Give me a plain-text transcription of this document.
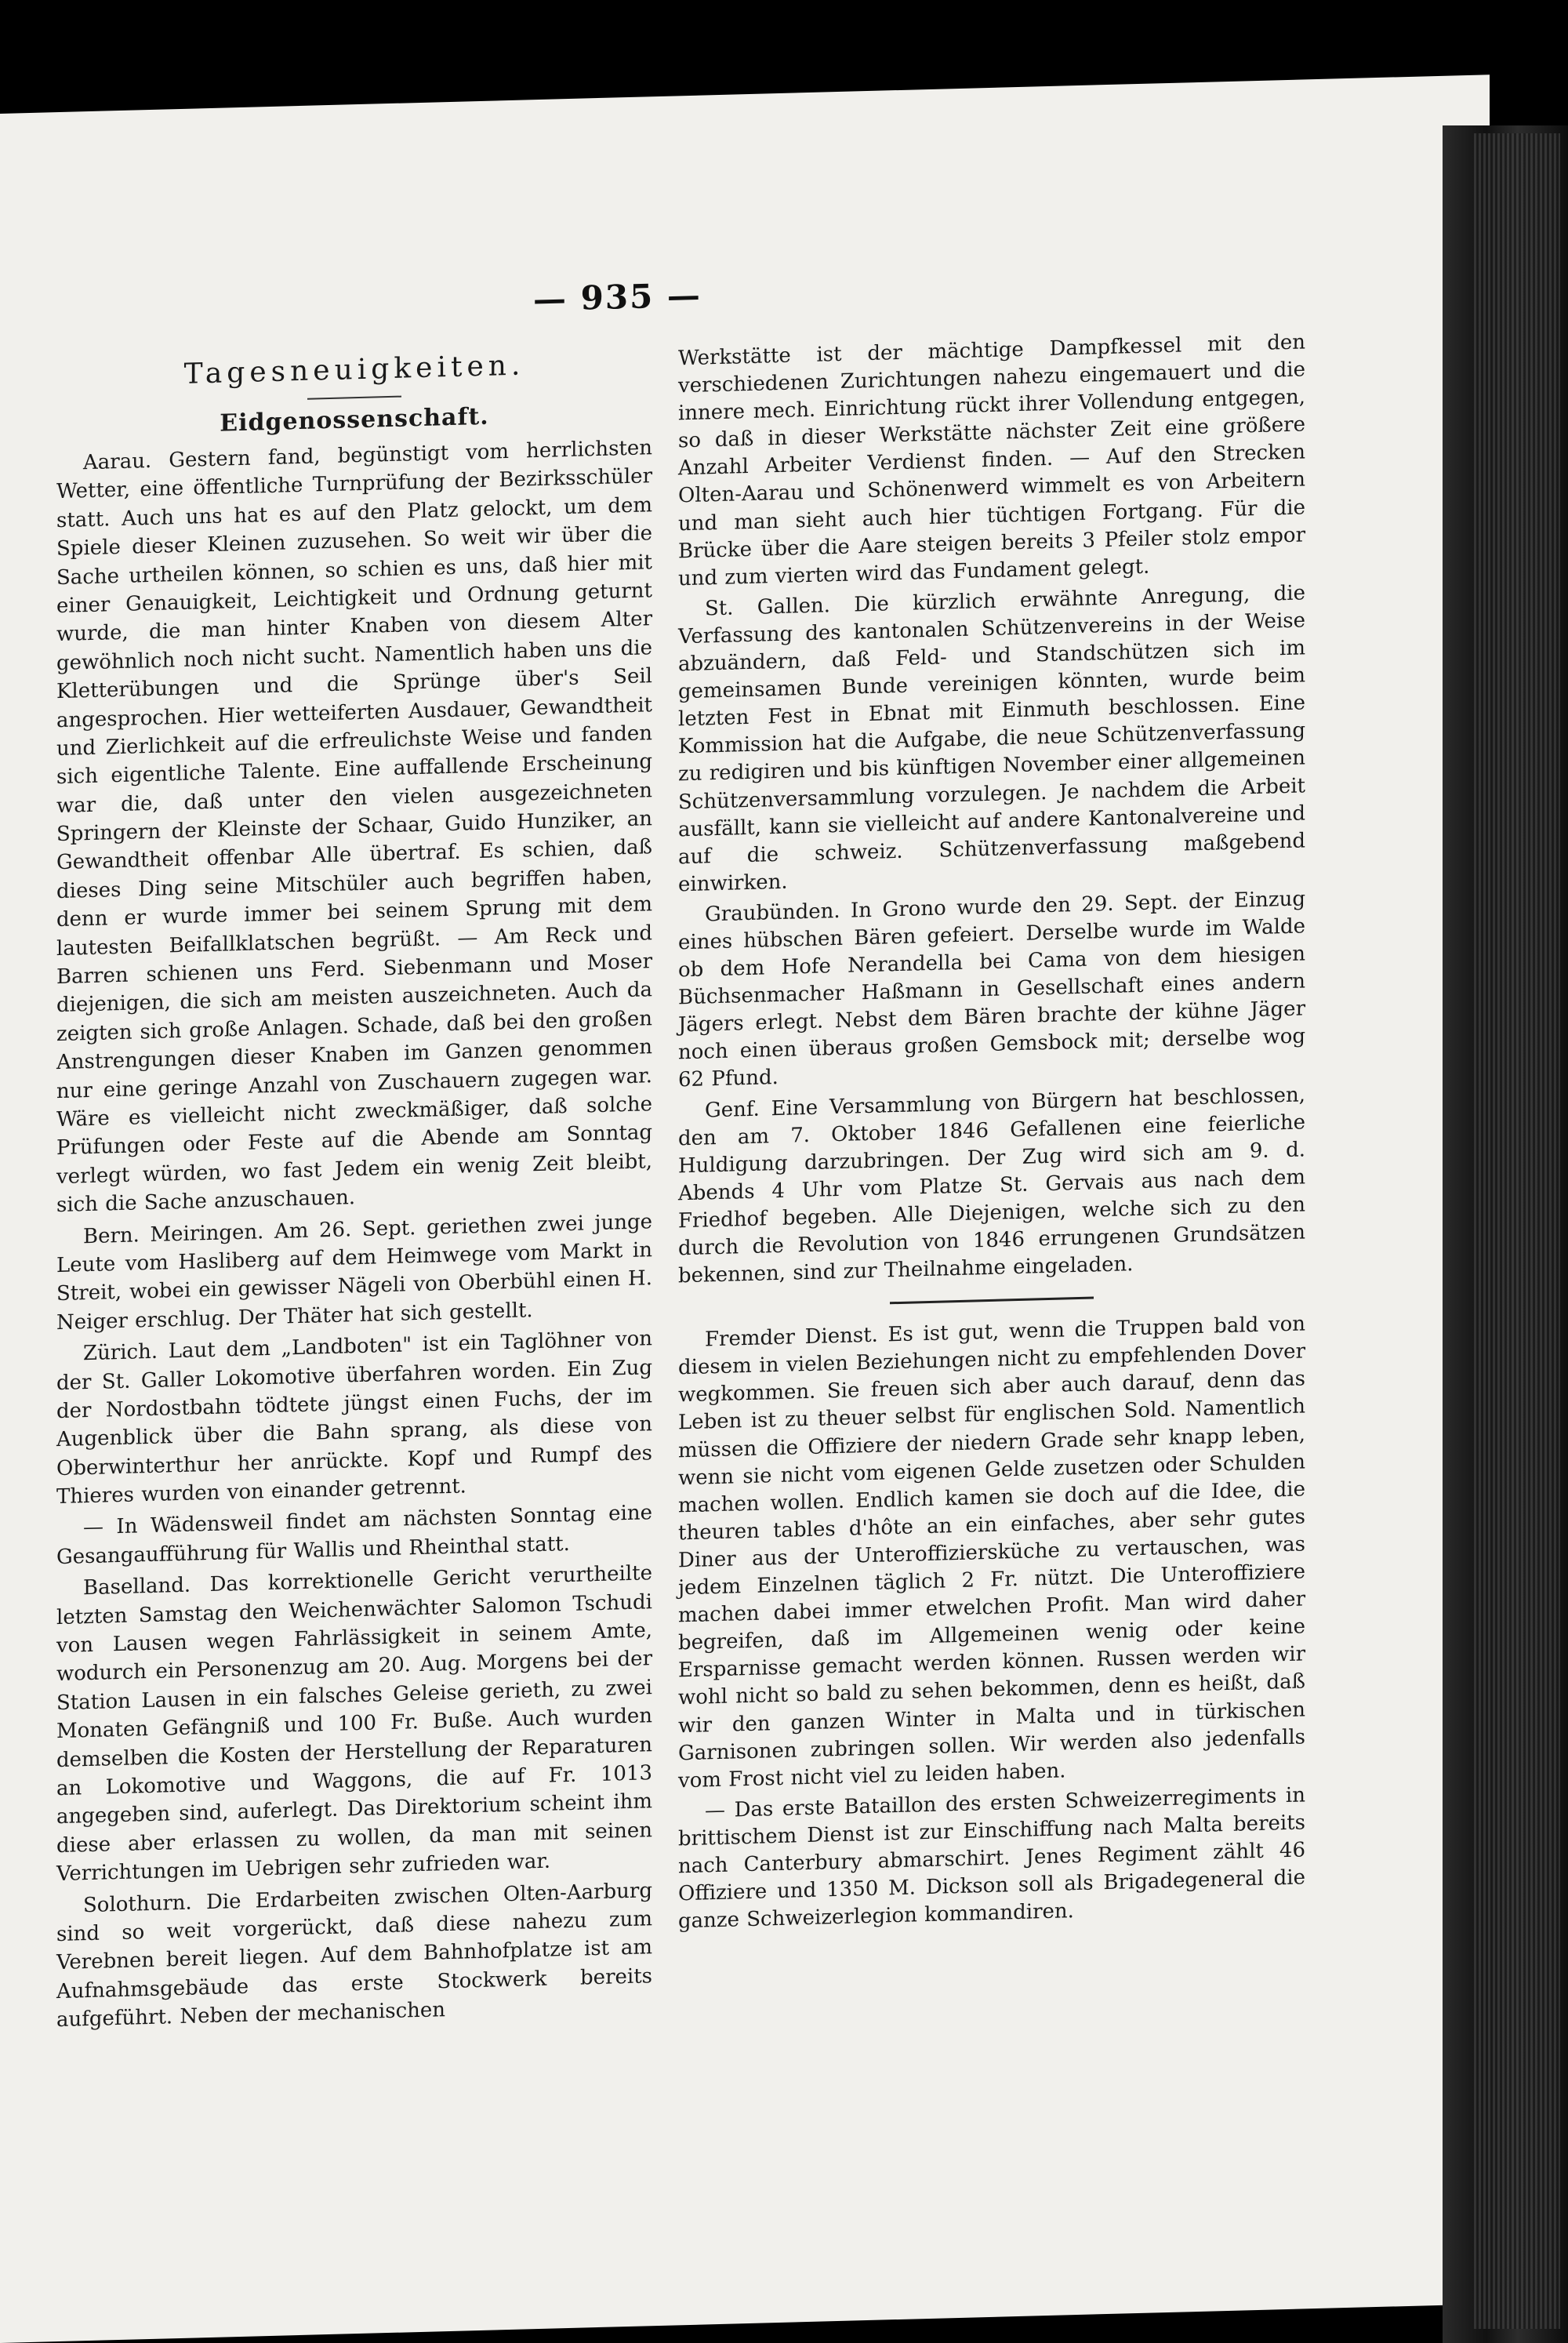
— 935 —
Tagesneuigkeiten.
Eidgenossenschaft.

Aarau. Gestern fand, begünstigt vom herrlichsten Wetter, eine öffentliche Turnprüfung der Bezirksschüler statt. Auch uns hat es auf den Platz gelockt, um dem Spiele dieser Kleinen zuzusehen. So weit wir über die Sache urtheilen können, so schien es uns, daß hier mit einer Genauigkeit, Leichtigkeit und Ordnung geturnt wurde, die man hinter Knaben von diesem Alter gewöhnlich noch nicht sucht. Namentlich haben uns die Kletterübungen und die Sprünge über's Seil angesprochen. Hier wetteiferten Ausdauer, Gewandtheit und Zierlichkeit auf die erfreulichste Weise und fanden sich eigentliche Talente. Eine auffallende Erscheinung war die, daß unter den vielen ausgezeichneten Springern der Kleinste der Schaar, Guido Hunziker, an Gewandtheit offenbar Alle übertraf. Es schien, daß dieses Ding seine Mitschüler auch begriffen haben, denn er wurde immer bei seinem Sprung mit dem lautesten Beifallklatschen begrüßt. — Am Reck und Barren schienen uns Ferd. Siebenmann und Moser diejenigen, die sich am meisten auszeichneten. Auch da zeigten sich große Anlagen. Schade, daß bei den großen Anstrengungen dieser Knaben im Ganzen genommen nur eine geringe Anzahl von Zuschauern zugegen war. Wäre es vielleicht nicht zweckmäßiger, daß solche Prüfungen oder Feste auf die Abende am Sonntag verlegt würden, wo fast Jedem ein wenig Zeit bleibt, sich die Sache anzuschauen.

Bern. Meiringen. Am 26. Sept. geriethen zwei junge Leute vom Haslіberg auf dem Heimwege vom Markt in Streit, wobei ein gewisser Nägeli von Oberbühl einen H. Neiger erschlug. Der Thäter hat sich gestellt.

Zürich. Laut dem „Landboten" ist ein Taglöhner von der St. Galler Lokomotive überfahren worden. Ein Zug der Nordostbahn tödtete jüngst einen Fuchs, der im Augenblick über die Bahn sprang, als diese von Oberwinterthur her anrückte. Kopf und Rumpf des Thieres wurden von einander getrennt.

— In Wädensweil findet am nächsten Sonntag eine Gesangaufführung für Wallis und Rheinthal statt.

Baselland. Das korrektionelle Gericht verurtheilte letzten Samstag den Weichenwächter Salomon Tschudi von Lausen wegen Fahrlässigkeit in seinem Amte, wodurch ein Personenzug am 20. Aug. Morgens bei der Station Lausen in ein falsches Geleise gerieth, zu zwei Monaten Gefängniß und 100 Fr. Buße. Auch wurden demselben die Kosten der Herstellung der Reparaturen an Lokomotive und Waggons, die auf Fr. 1013 angegeben sind, auferlegt. Das Direktorium scheint ihm diese aber erlassen zu wollen, da man mit seinen Verrichtungen im Uebrigen sehr zufrieden war.

Solothurn. Die Erdarbeiten zwischen Olten-Aarburg sind so weit vorgerückt, daß diese nahezu zum Verebnen bereit liegen. Auf dem Bahnhofplatze ist am Aufnahmsgebäude das erste Stockwerk bereits aufgeführt. Neben der mechanischen

Werkstätte ist der mächtige Dampfkessel mit den verschiedenen Zurichtungen nahezu eingemauert und die innere mech. Einrichtung rückt ihrer Vollendung entgegen, so daß in dieser Werkstätte nächster Zeit eine größere Anzahl Arbeiter Verdienst finden. — Auf den Strecken Olten-Aarau und Schönenwerd wimmelt es von Arbeitern und man sieht auch hier tüchtigen Fortgang. Für die Brücke über die Aare steigen bereits 3 Pfeiler stolz empor und zum vierten wird das Fundament gelegt.

St. Gallen. Die kürzlich erwähnte Anregung, die Verfassung des kantonalen Schützenvereins in der Weise abzuändern, daß Feld- und Standschützen sich im gemeinsamen Bunde vereinigen könnten, wurde beim letzten Fest in Ebnat mit Einmuth beschlossen. Eine Kommission hat die Aufgabe, die neue Schützenverfassung zu redigiren und bis künftigen November einer allgemeinen Schützenversammlung vorzulegen. Je nachdem die Arbeit ausfällt, kann sie vielleicht auf andere Kantonalvereine und auf die schweiz. Schützenverfassung maßgebend einwirken.

Graubünden. In Grono wurde den 29. Sept. der Einzug eines hübschen Bären gefeiert. Derselbe wurde im Walde ob dem Hofe Nerandella bei Cama von dem hiesigen Büchsenmacher Haßmann in Gesellschaft eines andern Jägers erlegt. Nebst dem Bären brachte der kühne Jäger noch einen überaus großen Gemsbock mit; derselbe wog 62 Pfund.

Genf. Eine Versammlung von Bürgern hat beschlossen, den am 7. Oktober 1846 Gefallenen eine feierliche Huldigung darzubringen. Der Zug wird sich am 9. d. Abends 4 Uhr vom Platze St. Gervais aus nach dem Friedhof begeben. Alle Diejenigen, welche sich zu den durch die Revolution von 1846 errungenen Grundsätzen bekennen, sind zur Theilnahme eingeladen.

Fremder Dienst. Es ist gut, wenn die Truppen bald von diesem in vielen Beziehungen nicht zu empfehlenden Dover wegkommen. Sie freuen sich aber auch darauf, denn das Leben ist zu theuer selbst für englischen Sold. Namentlich müssen die Offiziere der niedern Grade sehr knapp leben, wenn sie nicht vom eigenen Gelde zusetzen oder Schulden machen wollen. Endlich kamen sie doch auf die Idee, die theuren tables d'hôte an ein einfaches, aber sehr gutes Diner aus der Unteroffiziersküche zu vertauschen, was jedem Einzelnen täglich 2 Fr. nützt. Die Unteroffiziere machen dabei immer etwelchen Profit. Man wird daher begreifen, daß im Allgemeinen wenig oder keine Ersparnisse gemacht werden können. Russen werden wir wohl nicht so bald zu sehen bekommen, denn es heißt, daß wir den ganzen Winter in Malta und in türkischen Garnisonen zubringen sollen. Wir werden also jedenfalls vom Frost nicht viel zu leiden haben.

— Das erste Bataillon des ersten Schweizerregiments in brittischem Dienst ist zur Einschiffung nach Malta bereits nach Canterbury abmarschirt. Jenes Regiment zählt 46 Offiziere und 1350 M. Dickson soll als Brigadegeneral die ganze Schweizerlegion kommandiren.
